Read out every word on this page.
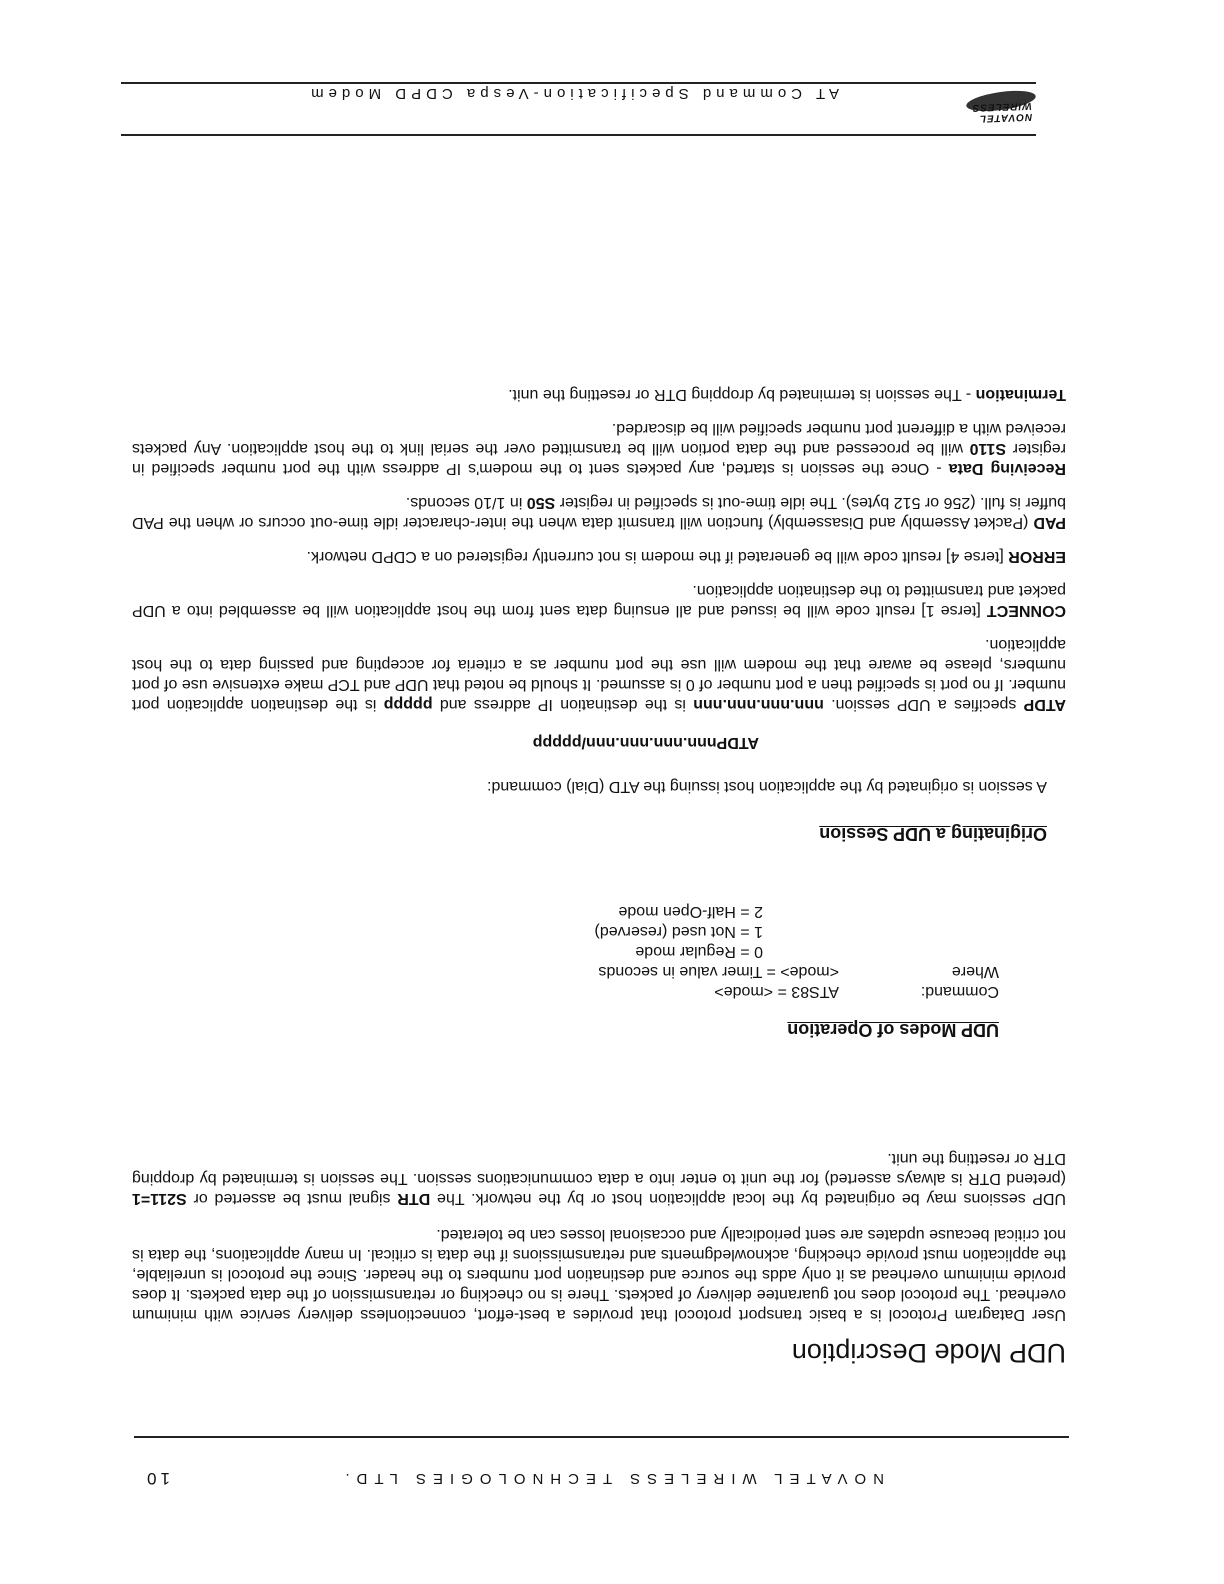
NOVATEL WIRELESS TECHNOLOGIES LTD.
10
UDP Mode Description

User Datagram Protocol is a basic transport protocol that provides a best-effort, connectionless delivery service with minimum overhead. The protocol does not guarantee delivery of packets. There is no checking or retransmission of the data packets. It does provide minimum overhead as it only adds the source and destination port numbers to the header. Since the protocol is unreliable, the application must provide checking, acknowledgments and retransmissions if the data is critical. In many applications, the data is not critical because updates are sent periodically and occasional losses can be tolerated.

UDP sessions may be originated by the local application host or by the network. The DTR signal must be asserted or S211=1 (pretend DTR is always asserted) for the unit to enter into a data communications session. The session is terminated by dropping DTR or resetting the unit.

UDP Modes of Operation
Command:
ATS83 = <mode>
Where
<mode> = Timer value in seconds
0 = Regular mode
1 = Not used (reserved)
2 = Half-Open mode
Originating a UDP Session
A session is originated by the application host issuing the ATD (Dial) command:
ATDPnnn.nnn.nnn.nnn/ppppp

ATDP specifies a UDP session. nnn.nnn.nnn.nnn is the destination IP address and ppppp is the destination application port number. If no port is specified then a port number of 0 is assumed. It should be noted that UDP and TCP make extensive use of port numbers, please be aware that the modem will use the port number as a criteria for accepting and passing data to the host application.

CONNECT [terse 1] result code will be issued and all ensuing data sent from the host application will be assembled into a UDP packet and transmitted to the destination application.

ERROR [terse 4] result code will be generated if the modem is not currently registered on a CDPD network.

PAD (Packet Assembly and Disassembly) function will transmit data when the inter-character idle time-out occurs or when the PAD buffer is full. (256 or 512 bytes). The idle time-out is specified in register S50 in 1/10 seconds.

Receiving Data - Once the session is started, any packets sent to the modem's IP address with the port number specified in register S110 will be processed and the data portion will be transmitted over the serial link to the host application. Any packets received with a different port number specified will be discarded.

Termination - The session is terminated by dropping DTR or resetting the unit.

NOVATEL WIRELESS
AT Command Specification-Vespa CDPD Modem
